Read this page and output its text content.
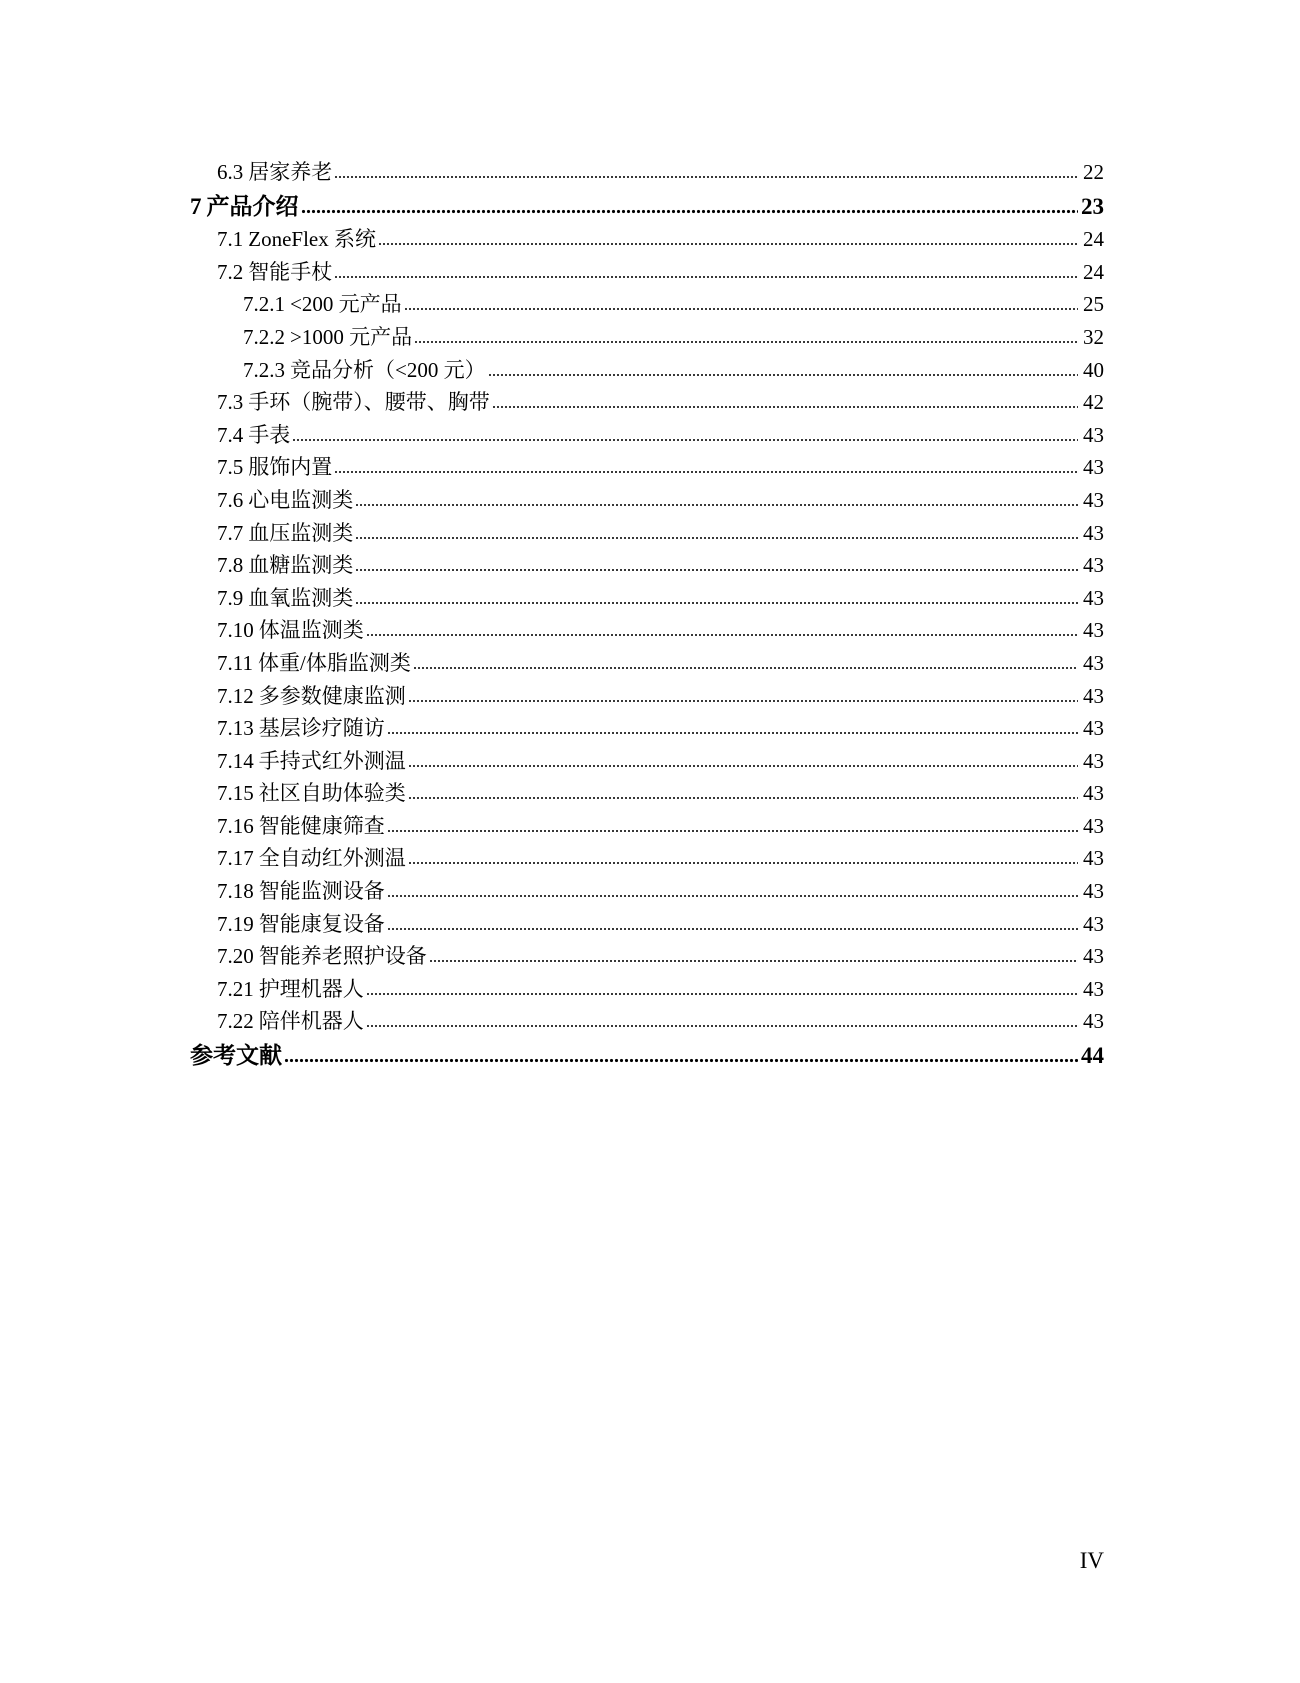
6.3 居家养老	22
7 产品介绍	23
7.1 ZoneFlex 系统	24
7.2 智能手杖	24
7.2.1 <200 元产品	25
7.2.2 >1000 元产品	32
7.2.3 竞品分析（<200 元）	40
7.3 手环（腕带）、腰带、胸带	42
7.4 手表	43
7.5 服饰内置	43
7.6 心电监测类	43
7.7 血压监测类	43
7.8 血糖监测类	43
7.9 血氧监测类	43
7.10 体温监测类	43
7.11 体重/体脂监测类	43
7.12 多参数健康监测	43
7.13 基层诊疗随访	43
7.14 手持式红外测温	43
7.15 社区自助体验类	43
7.16 智能健康筛查	43
7.17 全自动红外测温	43
7.18 智能监测设备	43
7.19 智能康复设备	43
7.20 智能养老照护设备	43
7.21 护理机器人	43
7.22 陪伴机器人	43
参考文献	44
IV
